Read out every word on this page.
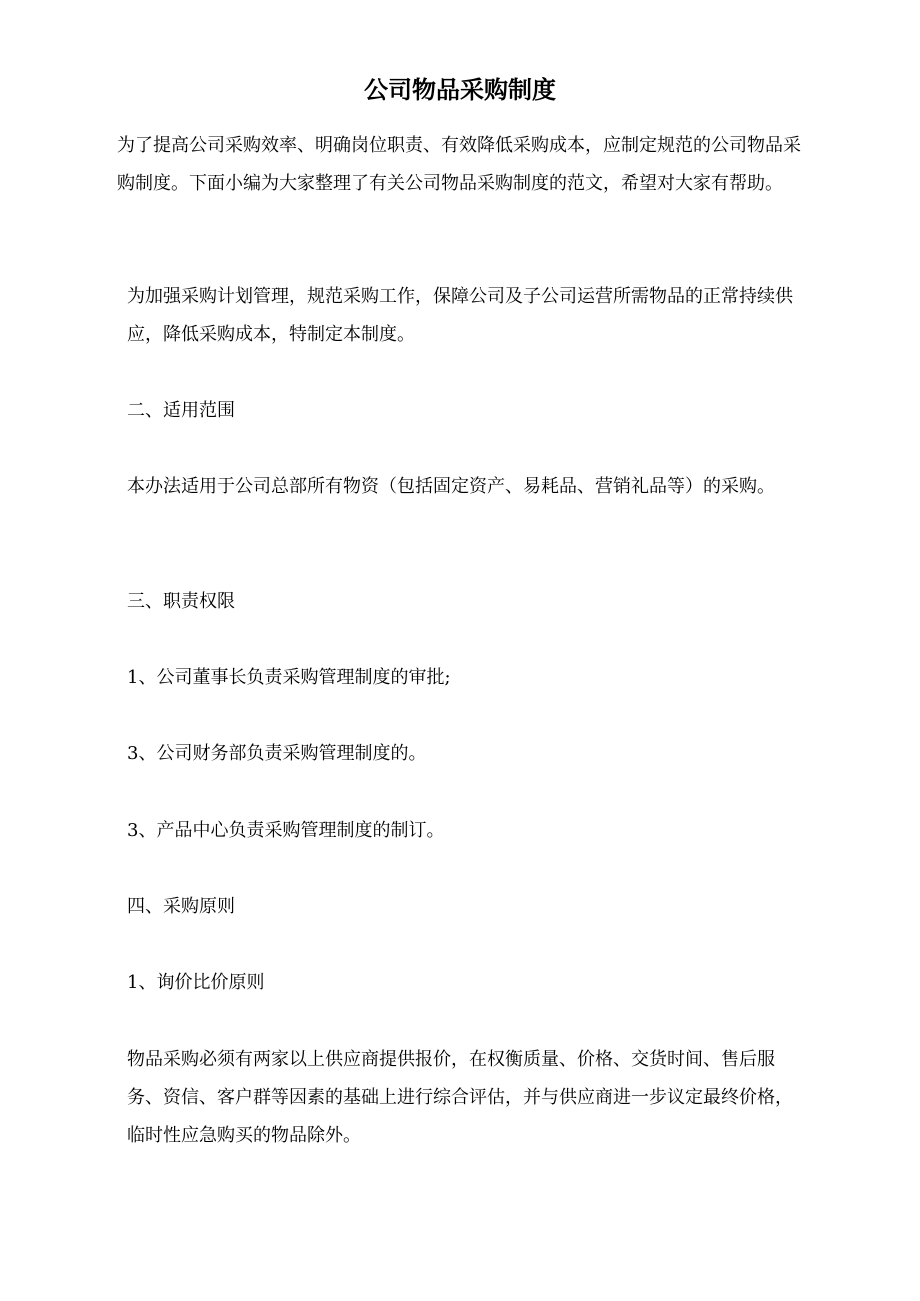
公司物品采购制度

为了提高公司采购效率、明确岗位职责、有效降低采购成本，应制定规范的公司物品采购制度。下面小编为大家整理了有关公司物品采购制度的范文，希望对大家有帮助。

为加强采购计划管理，规范采购工作，保障公司及子公司运营所需物品的正常持续供应，降低采购成本，特制定本制度。

二、适用范围

本办法适用于公司总部所有物资（包括固定资产、易耗品、营销礼品等）的采购。

三、职责权限

1、公司董事长负责采购管理制度的审批;

3、公司财务部负责采购管理制度的。

3、产品中心负责采购管理制度的制订。

四、采购原则

1、询价比价原则

物品采购必须有两家以上供应商提供报价，在权衡质量、价格、交货时间、售后服务、资信、客户群等因素的基础上进行综合评估，并与供应商进一步议定最终价格，临时性应急购买的物品除外。
